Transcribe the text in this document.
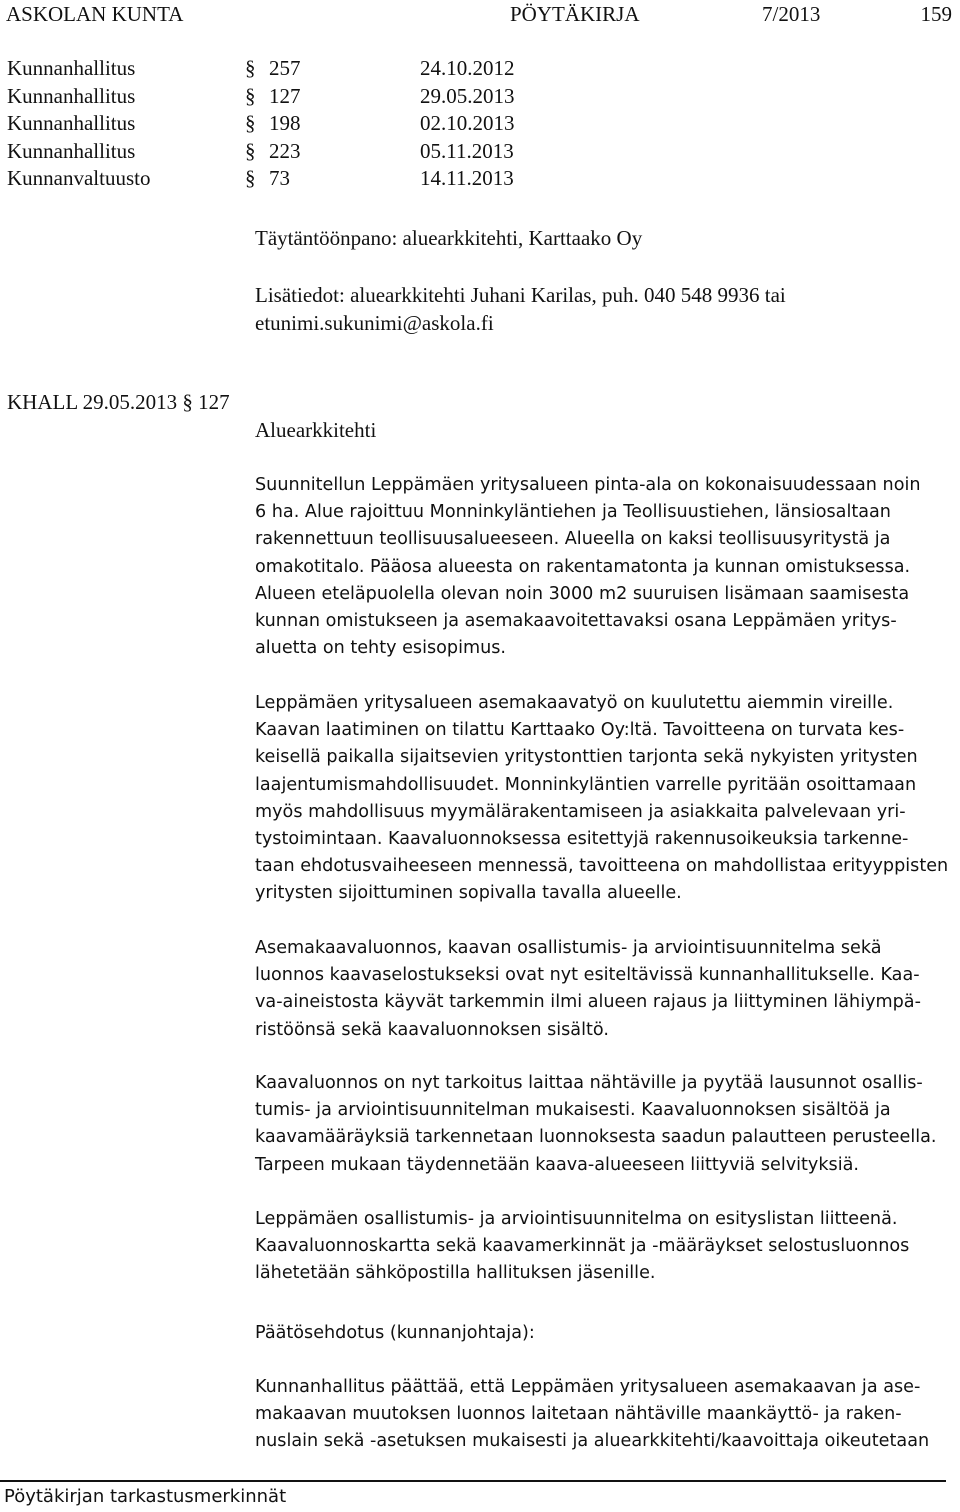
ASKOLAN KUNTA	PÖYTÄKIRJA	7/2013	159
Kunnanhallitus	§ 257	24.10.2012
Kunnanhallitus	§ 127	29.05.2013
Kunnanhallitus	§ 198	02.10.2013
Kunnanhallitus	§ 223	05.11.2013
Kunnanvaltuusto	§ 73	14.11.2013
Täytäntöönpano: aluearkkitehti, Karttaako Oy
Lisätiedot: aluearkkitehti Juhani Karilas, puh. 040 548 9936 tai
etunimi.sukunimi@askola.fi
KHALL 29.05.2013 § 127
Aluearkkitehti
Suunnitellun Leppämäen yritysalueen pinta-ala on kokonaisuudessaan noin
6 ha. Alue rajoittuu Monninkyläntiehen ja Teollisuustiehen, länsiosaltaan
rakennettuun teollisuusalueeseen. Alueella on kaksi teollisuusyritystä ja
omakotitalo. Pääosa alueesta on rakentamatonta ja kunnan omistuksessa.
Alueen eteläpuolella olevan noin 3000 m2 suuruisen lisämaan saamisesta
kunnan omistukseen ja asemakaavoitettavaksi osana Leppämäen yritys-
aluetta on tehty esisopimus.
Leppämäen yritysalueen asemakaavatyö on kuulutettu aiemmin vireille.
Kaavan laatiminen on tilattu Karttaako Oy:ltä. Tavoitteena on turvata kes-
keisellä paikalla sijaitsevien yritystonttien tarjonta sekä nykyisten yritysten
laajentumismahdollisuudet. Monninkyläntien varrelle pyritään osoittamaan
myös mahdollisuus myymälärakentamiseen ja asiakkaita palvelevaan yri-
tystoimintaan. Kaavaluonnoksessa esitettyjä rakennusoikeuksia tarkenne-
taan ehdotusvaiheeseen mennessä, tavoitteena on mahdollistaa erityyppisten
yritysten sijoittuminen sopivalla tavalla alueelle.
Asemakaavaluonnos, kaavan osallistumis- ja arviointisuunnitelma sekä
luonnos kaavaselostukseksi ovat nyt esiteltävissä kunnanhallitukselle. Kaa-
va-aineistosta käyvät tarkemmin ilmi alueen rajaus ja liittyminen lähiympä-
ristöönsä sekä kaavaluonnoksen sisältö.
Kaavaluonnos on nyt tarkoitus laittaa nähtäville ja pyytää lausunnot osallis-
tumis- ja arviointisuunnitelman mukaisesti. Kaavaluonnoksen sisältöä ja
kaavamääräyksiä tarkennetaan luonnoksesta saadun palautteen perusteella.
Tarpeen mukaan täydennetään kaava-alueeseen liittyviä selvityksiä.
Leppämäen osallistumis- ja arviointisuunnitelma on esityslistan liitteenä.
Kaavaluonnoskartta sekä kaavamerkinnät ja -määräykset selostusluonnos
lähetetään sähköpostilla hallituksen jäsenille.
Päätösehdotus (kunnanjohtaja):
Kunnanhallitus päättää, että Leppämäen yritysalueen asemakaavan ja ase-
makaavan muutoksen luonnos laitetaan nähtäville maankäyttö- ja raken-
nuslain sekä -asetuksen mukaisesti ja aluearkkitehti/kaavoittaja oikeutetaan
Pöytäkirjan tarkastusmerkinnät
